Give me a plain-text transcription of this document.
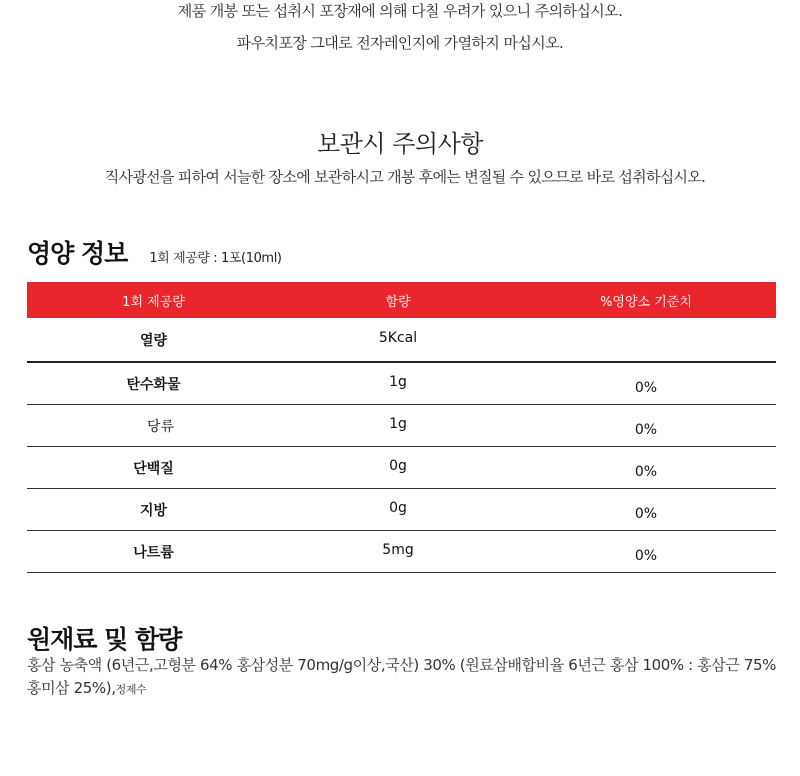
제품 개봉 또는 섭취시 포장재에 의해 다칠 우려가 있으니 주의하십시오.
파우치포장 그대로 전자레인지에 가열하지 마십시오.
보관시 주의사항
직사광선을 피하여 서늘한 장소에 보관하시고 개봉 후에는 변질될 수 있으므로 바로 섭취하십시오.
영양 정보 1회 제공량 : 1포(10ml)
1회 제공량	함량	%영양소 기준치
열량	5Kcal
탄수화물	1g	0%
당류	1g	0%
단백질	0g	0%
지방	0g	0%
나트륨	5mg	0%
원재료 및 함량
홍삼 농축액 (6년근,고형분 64% 홍삼성분 70mg/g이상,국산) 30% (원료삼배합비율 6년근 홍삼 100% : 홍삼근 75% 홍미삼 25%),정제수
